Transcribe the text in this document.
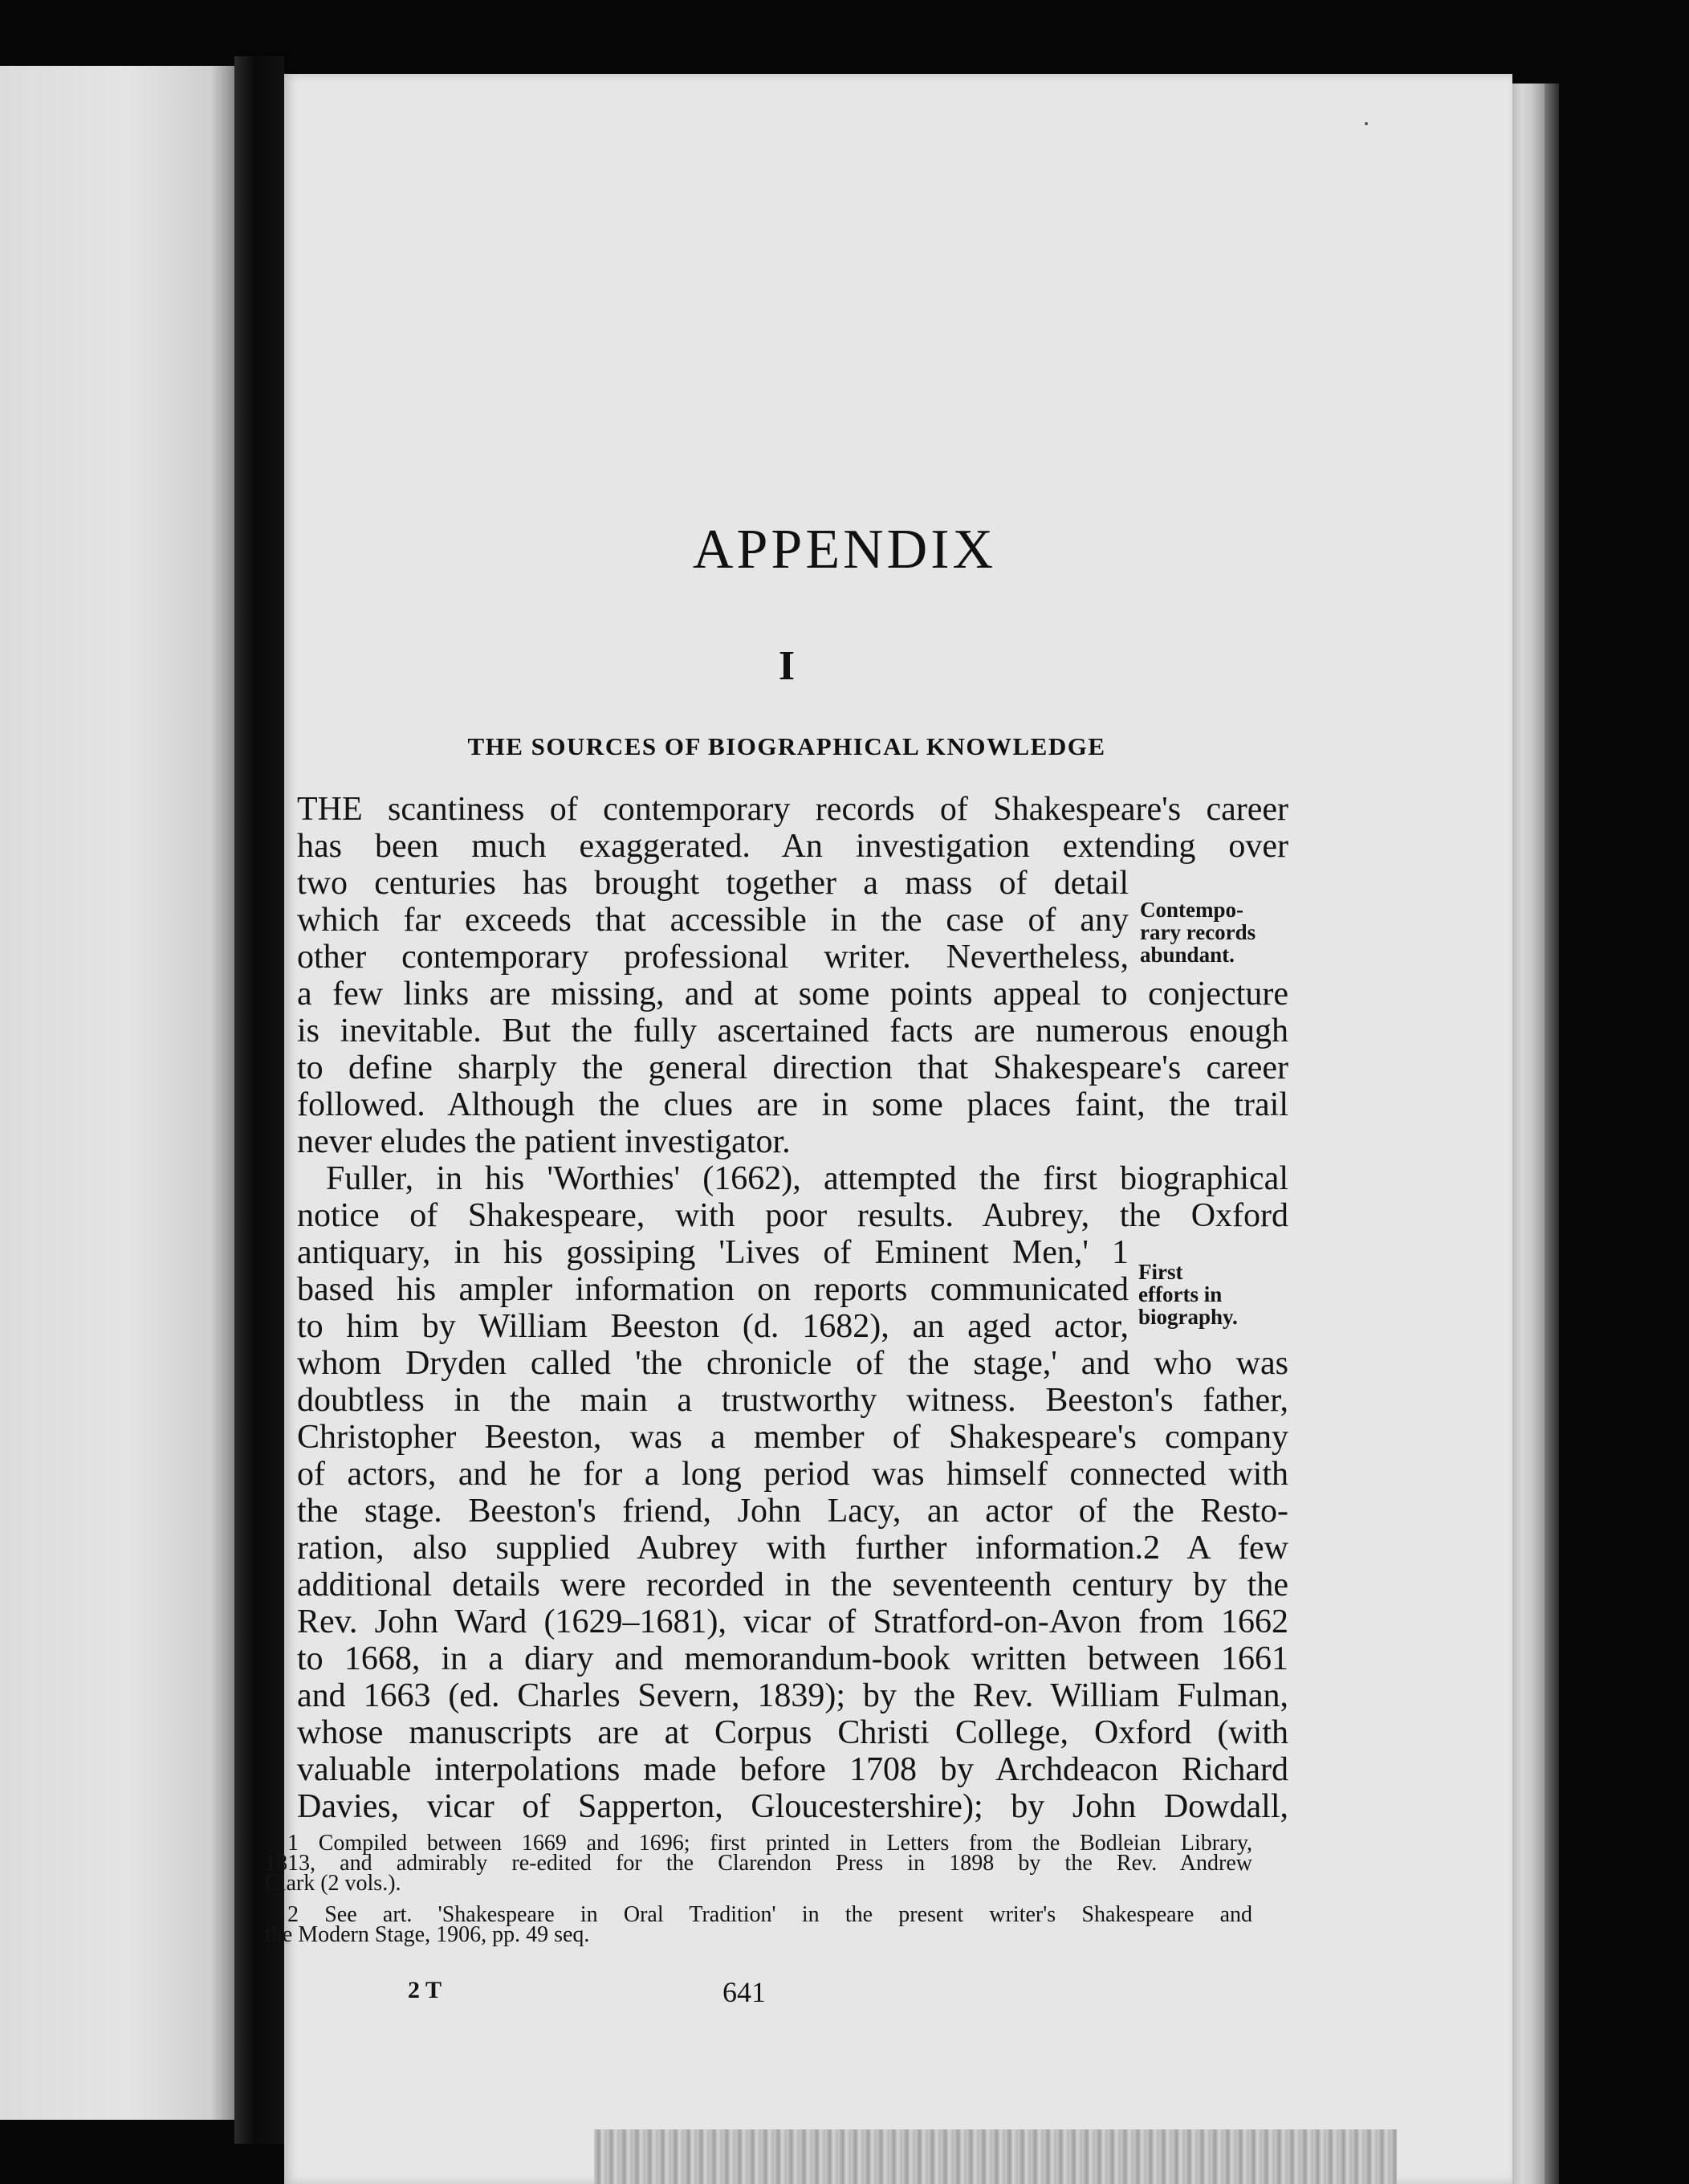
APPENDIX
I
THE SOURCES OF BIOGRAPHICAL KNOWLEDGE
THE scantiness of contemporary records of Shakespeare's career
has been much exaggerated. An investigation extending over
two centuries has brought together a mass of detail
which far exceeds that accessible in the case of any
other contemporary professional writer. Nevertheless,
a few links are missing, and at some points appeal to conjecture
is inevitable. But the fully ascertained facts are numerous enough
to define sharply the general direction that Shakespeare's career
followed. Although the clues are in some places faint, the trail
never eludes the patient investigator.
Fuller, in his 'Worthies' (1662), attempted the first biographical
notice of Shakespeare, with poor results. Aubrey, the Oxford
antiquary, in his gossiping 'Lives of Eminent Men,' 1
based his ampler information on reports communicated
to him by William Beeston (d. 1682), an aged actor,
whom Dryden called 'the chronicle of the stage,' and who was
doubtless in the main a trustworthy witness. Beeston's father,
Christopher Beeston, was a member of Shakespeare's company
of actors, and he for a long period was himself connected with
the stage. Beeston's friend, John Lacy, an actor of the Resto-
ration, also supplied Aubrey with further information.2 A few
additional details were recorded in the seventeenth century by the
Rev. John Ward (1629–1681), vicar of Stratford-on-Avon from 1662
to 1668, in a diary and memorandum-book written between 1661
and 1663 (ed. Charles Severn, 1839); by the Rev. William Fulman,
whose manuscripts are at Corpus Christi College, Oxford (with
valuable interpolations made before 1708 by Archdeacon Richard
Davies, vicar of Sapperton, Gloucestershire); by John Dowdall,
Contempo-
rary records
abundant.
First
efforts in
biography.
1 Compiled between 1669 and 1696; first printed in Letters from the Bodleian Library,
1813, and admirably re-edited for the Clarendon Press in 1898 by the Rev. Andrew
Clark (2 vols.).
2 See art. 'Shakespeare in Oral Tradition' in the present writer's Shakespeare and
the Modern Stage, 1906, pp. 49 seq.
2 T	641
